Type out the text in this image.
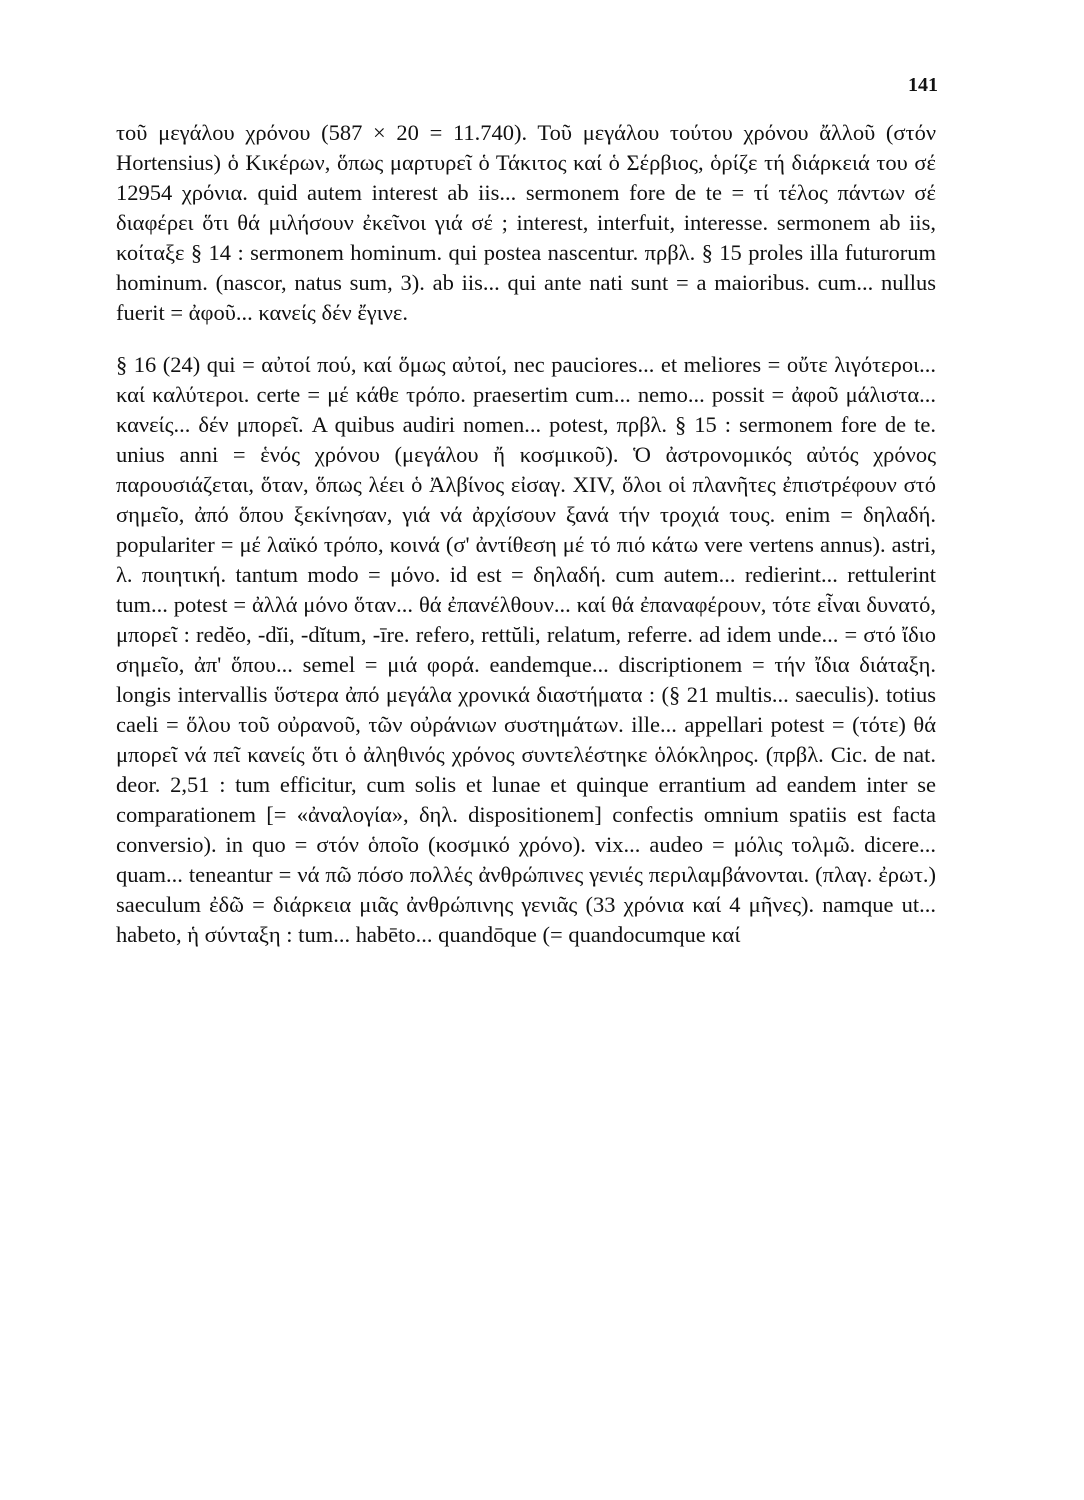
141

τοῦ μεγάλου χρόνου (587 × 20 = 11.740). Τοῦ μεγάλου τούτου χρόνου ἄλλοῦ (στόν Hortensius) ὁ Κικέρων, ὅπως μαρτυρεῖ ὁ Τάκιτος καί ὁ Σέρβιος, ὁρίζε τή διάρκειά του σέ 12954 χρόνια. quid autem interest ab iis... sermonem fore de te = τί τέλος πάντων σέ διαφέρει ὅτι θά μιλήσουν ἐκεῖνοι γιά σέ ; interest, interfuit, interesse. sermonem ab iis, κοίταξε § 14 : sermonem hominum. qui postea nascentur. πρβλ. § 15 proles illa futurorum hominum. (nascor, natus sum, 3). ab iis... qui ante nati sunt = a maioribus. cum... nullus fuerit = ἀφοῦ... κανείς δέν ἔγινε.

§ 16 (24) qui = αὐτοί πού, καί ὅμως αὐτοί, nec pauciores... et meliores = οὔτε λιγότεροι... καί καλύτεροι. certe = μέ κάθε τρόπο. praesertim cum... nemo... possit = ἀφοῦ μάλιστα... κανείς... δέν μπορεῖ. A quibus audiri nomen... potest, πρβλ. § 15 : sermonem fore de te. unius anni = ἑνός χρόνου (μεγάλου ἤ κοσμικοῦ). Ὁ ἀστρονομικός αὐτός χρόνος παρουσιάζεται, ὅταν, ὅπως λέει ὁ Ἀλβίνος εἰσαγ. XIV, ὅλοι οἱ πλανῆτες ἐπιστρέφουν στό σημεῖο, ἀπό ὅπου ξεκίνησαν, γιά νά ἀρχίσουν ξανά τήν τροχιά τους. enim = δηλαδή. populariter = μέ λαϊκό τρόπο, κοινά (σ' ἀντίθεση μέ τό πιό κάτω vere vertens annus). astri, λ. ποιητική. tantum modo = μόνο. id est = δηλαδή. cum autem... redierint... rettulerint tum... potest = ἀλλά μόνο ὅταν... θά ἐπανέλθουν... καί θά ἐπαναφέρουν, τότε εἶναι δυνατό, μπορεῖ : redĕo, -dĭi, -dĭtum, -īre. refero, rettŭli, relatum, referre. ad idem unde... = στό ἴδιο σημεῖο, ἀπ' ὅπου... semel = μιά φορά. eandemque... discriptionem = τήν ἴδια διάταξη. longis intervallis ὕστερα ἀπό μεγάλα χρονικά διαστήματα : (§ 21 multis... saeculis). totius caeli = ὅλου τοῦ οὐρανοῦ, τῶν οὐράνιων συστημάτων. ille... appellari potest = (τότε) θά μπορεῖ νά πεῖ κανείς ὅτι ὁ ἀληθινός χρόνος συντελέστηκε ὁλόκληρος. (πρβλ. Cic. de nat. deor. 2,51 : tum efficitur, cum solis et lunae et quinque errantium ad eandem inter se comparationem [= «ἀναλογία», δηλ. dispositionem] confectis omnium spatiis est facta conversio). in quo = στόν ὁποῖο (κοσμικό χρόνο). vix... audeo = μόλις τολμῶ. dicere... quam... teneantur = νά πῶ πόσο πολλές ἀνθρώπινες γενιές περιλαμβάνονται. (πλαγ. ἐρωτ.) saeculum ἐδῶ = διάρκεια μιᾶς ἀνθρώπινης γενιᾶς (33 χρόνια καί 4 μῆνες). namque ut... habeto, ἡ σύνταξη : tum... habēto... quandōque (= quandocumque καί
